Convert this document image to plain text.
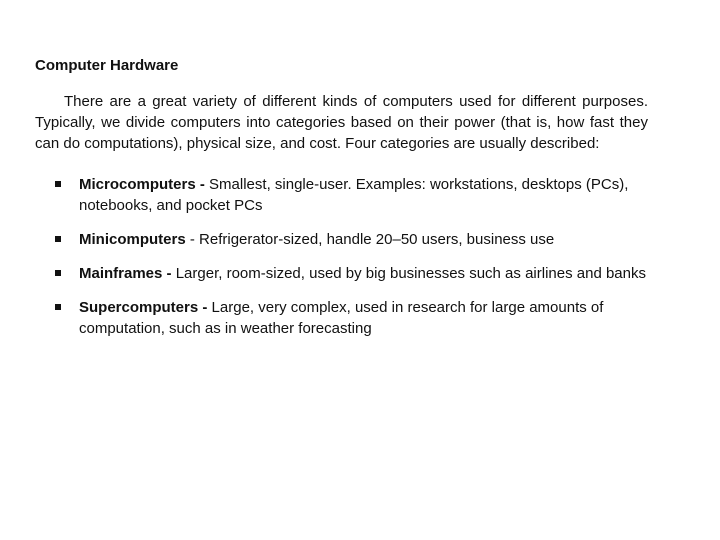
Computer Hardware

There are a great variety of different kinds of computers used for different purposes. Typically, we divide computers into categories based on their power (that is, how fast they can do computations), physical size, and cost. Four categories are usually described:

Microcomputers - Smallest, single-user. Examples: workstations, desktops (PCs), notebooks, and pocket PCs
Minicomputers - Refrigerator-sized, handle 20–50 users, business use
Mainframes - Larger, room-sized, used by big businesses such as airlines and banks
Supercomputers - Large, very complex, used in research for large amounts of computation, such as in weather forecasting
